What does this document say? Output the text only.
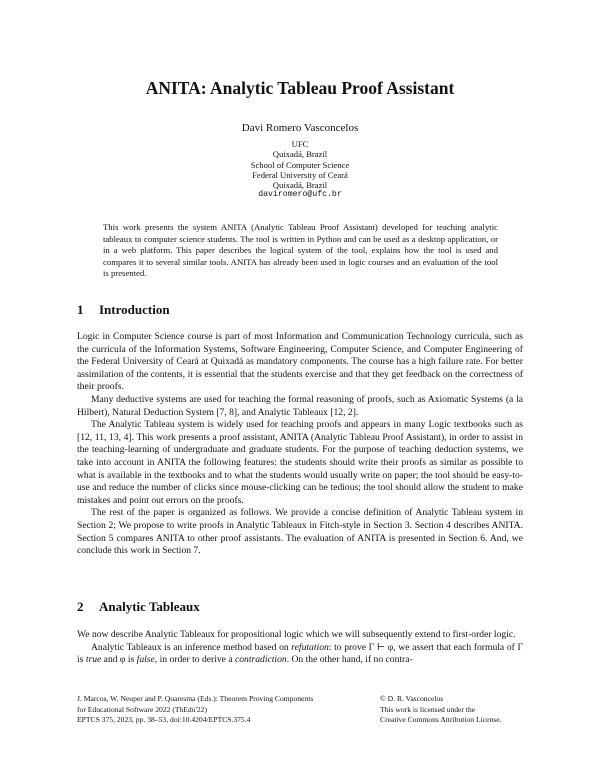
ANITA: Analytic Tableau Proof Assistant
Davi Romero Vasconcelos
UFC
Quixadá, Brazil
School of Computer Science
Federal University of Ceará
Quixadá, Brazil
daviromero@ufc.br
This work presents the system ANITA (Analytic Tableau Proof Assistant) developed for teaching analytic tableaux to computer science students. The tool is written in Python and can be used as a desktop application, or in a web platform. This paper describes the logical system of the tool, explains how the tool is used and compares it to several similar tools. ANITA has already been used in logic courses and an evaluation of the tool is presented.
1 Introduction

Logic in Computer Science course is part of most Information and Communication Technology curricula, such as the curricula of the Information Systems, Software Engineering, Computer Science, and Computer Engineering of the Federal University of Ceará at Quixadá as mandatory components. The course has a high failure rate. For better assimilation of the contents, it is essential that the students exercise and that they get feedback on the correctness of their proofs.

Many deductive systems are used for teaching the formal reasoning of proofs, such as Axiomatic Systems (a la Hilbert), Natural Deduction System [7, 8], and Analytic Tableaux [12, 2].

The Analytic Tableau system is widely used for teaching proofs and appears in many Logic textbooks such as [12, 11, 13, 4]. This work presents a proof assistant, ANITA (Analytic Tableau Proof Assistant), in order to assist in the teaching-learning of undergraduate and graduate students. For the purpose of teaching deduction systems, we take into account in ANITA the following features: the students should write their proofs as similar as possible to what is available in the textbooks and to what the students would usually write on paper; the tool should be easy-to-use and reduce the number of clicks since mouse-clicking can be tedious; the tool should allow the student to make mistakes and point out errors on the proofs.

The rest of the paper is organized as follows. We provide a concise definition of Analytic Tableau system in Section 2; We propose to write proofs in Analytic Tableaux in Fitch-style in Section 3. Section 4 describes ANITA. Section 5 compares ANITA to other proof assistants. The evaluation of ANITA is presented in Section 6. And, we conclude this work in Section 7.

2 Analytic Tableaux

We now describe Analytic Tableaux for propositional logic which we will subsequently extend to first-order logic.

Analytic Tableaux is an inference method based on refutation: to prove Γ ⊢ φ, we assert that each formula of Γ is true and φ is false, in order to derive a contradiction. On the other hand, if no contra-

J. Marcos, W. Neuper and P. Quaresma (Eds.): Theorem Proving Components
for Educational Software 2022 (ThEdu'22)
EPTCS 375, 2023, pp. 38–53, doi:10.4204/EPTCS.375.4
© D. R. Vasconcelos
This work is licensed under the
Creative Commons Attribution License.
